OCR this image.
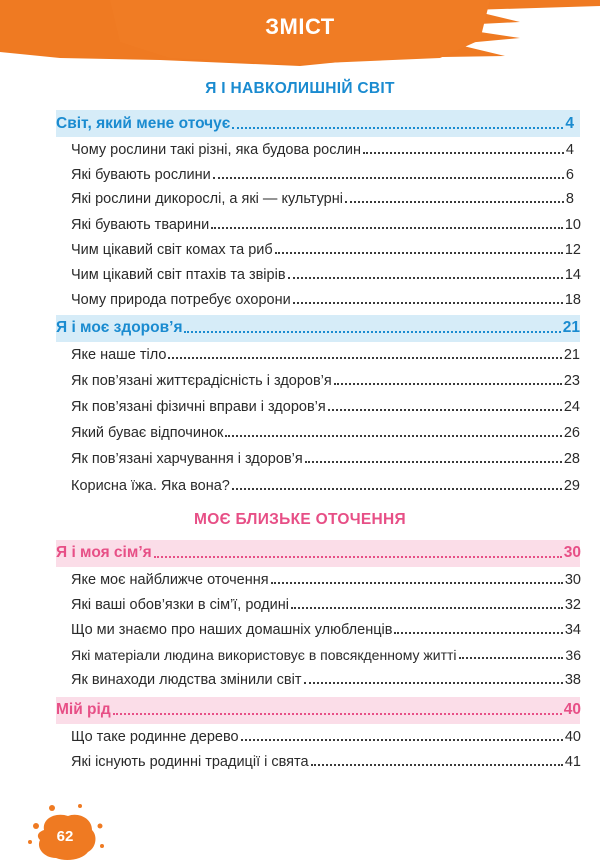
ЗМІСТ
Я І НАВКОЛИШНІЙ СВІТ
Світ, який мене оточує	4
Чому рослини такі різні, яка будова рослин	4
Які бувають рослини	6
Які рослини дикорослі, а які — культурні	8
Які бувають тварини	10
Чим цікавий світ комах та риб	12
Чим цікавий світ птахів та звірів	14
Чому природа потребує охорони	18
Я і моє здоров’я	21
Яке наше тіло	21
Як пов’язані життєрадісність і здоров’я	23
Як пов’язані фізичні вправи і здоров’я	24
Який буває відпочинок	26
Як пов’язані харчування і здоров’я	28
Корисна їжа. Яка вона?	29
МОЄ БЛИЗЬКЕ ОТОЧЕННЯ
Я і моя сім’я	30
Яке моє найближче оточення	30
Які ваші обов’язки в сім’ї, родині	32
Що ми знаємо про наших домашніх улюбленців	34
Які матеріали людина використовує в повсякденному житті	36
Як винаходи людства змінили світ	38
Мій рід	40
Що таке родинне дерево	40
Які існують родинні традиції і свята	41
62
